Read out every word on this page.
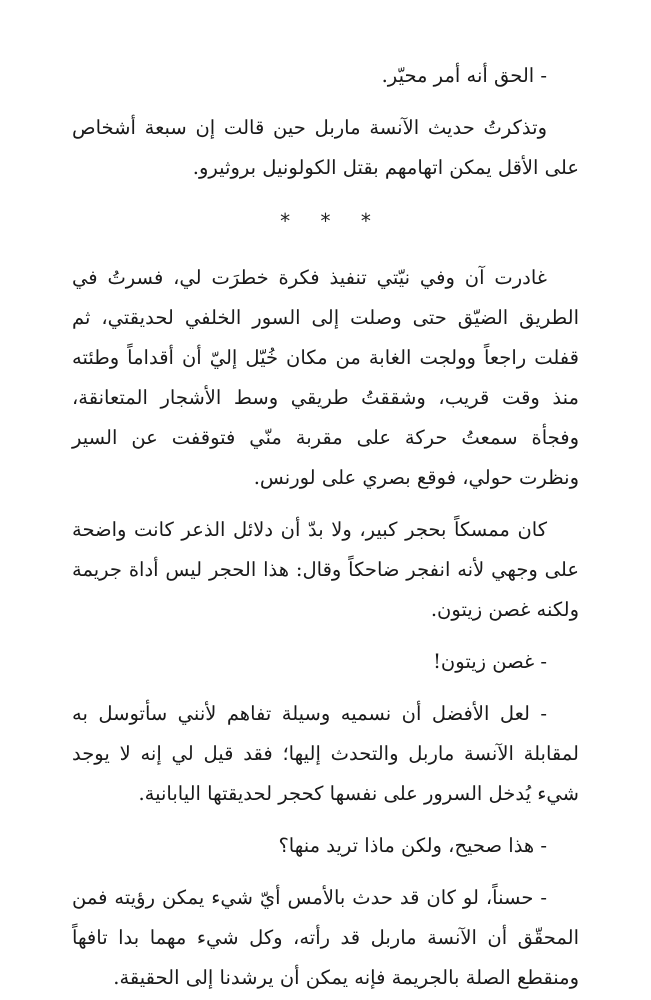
- الحق أنه أمر محيّر.

وتذكرتُ حديث الآنسة ماربل حين قالت إن سبعة أشخاص على الأقل يمكن اتهامهم بقتل الكولونيل بروثيرو.

* * *

غادرت آن وفي نيّتي تنفيذ فكرة خطرَت لي، فسرتُ في الطريق الضيّق حتى وصلت إلى السور الخلفي لحديقتي، ثم قفلت راجعاً وولجت الغابة من مكان خُيّل إليّ أن أقداماً وطئته منذ وقت قريب، وشققتُ طريقي وسط الأشجار المتعانقة، وفجأة سمعتُ حركة على مقربة منّي فتوقفت عن السير ونظرت حولي، فوقع بصري على لورنس.

كان ممسكاً بحجر كبير، ولا بدّ أن دلائل الذعر كانت واضحة على وجهي لأنه انفجر ضاحكاً وقال: هذا الحجر ليس أداة جريمة ولكنه غصن زيتون.

- غصن زيتون!

- لعل الأفضل أن نسميه وسيلة تفاهم لأنني سأتوسل به لمقابلة الآنسة ماربل والتحدث إليها؛ فقد قيل لي إنه لا يوجد شيء يُدخل السرور على نفسها كحجر لحديقتها اليابانية.

- هذا صحيح، ولكن ماذا تريد منها؟

- حسناً، لو كان قد حدث بالأمس أيّ شيء يمكن رؤيته فمن المحقّق أن الآنسة ماربل قد رأته، وكل شيء مهما بدا تافهاً ومنقطع الصلة بالجريمة فإنه يمكن أن يرشدنا إلى الحقيقة.
